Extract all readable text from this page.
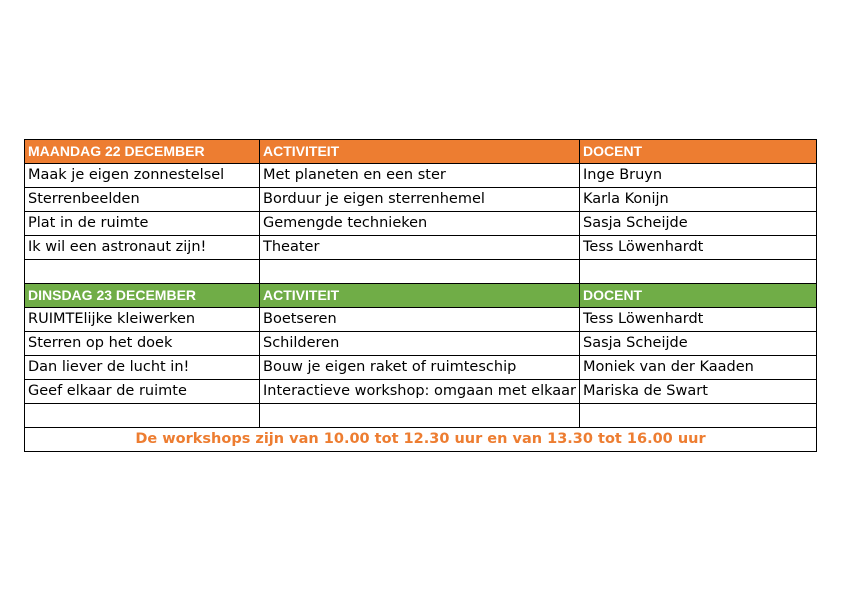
MAANDAG 22 DECEMBER	ACTIVITEIT	DOCENT
Maak je eigen zonnestelsel	Met planeten en een ster	Inge Bruyn
Sterrenbeelden	Borduur je eigen sterrenhemel	Karla Konijn
Plat in de ruimte	Gemengde technieken	Sasja Scheijde
Ik wil een astronaut zijn!	Theater	Tess Löwenhardt

DINSDAG 23 DECEMBER	ACTIVITEIT	DOCENT
RUIMTElijke kleiwerken	Boetseren	Tess Löwenhardt
Sterren op het doek	Schilderen	Sasja Scheijde
Dan liever de lucht in!	Bouw je eigen raket of ruimteschip	Moniek van der Kaaden
Geef elkaar de ruimte	Interactieve workshop: omgaan met elkaar	Mariska de Swart

De workshops zijn van 10.00 tot 12.30 uur en van 13.30 tot 16.00 uur		
